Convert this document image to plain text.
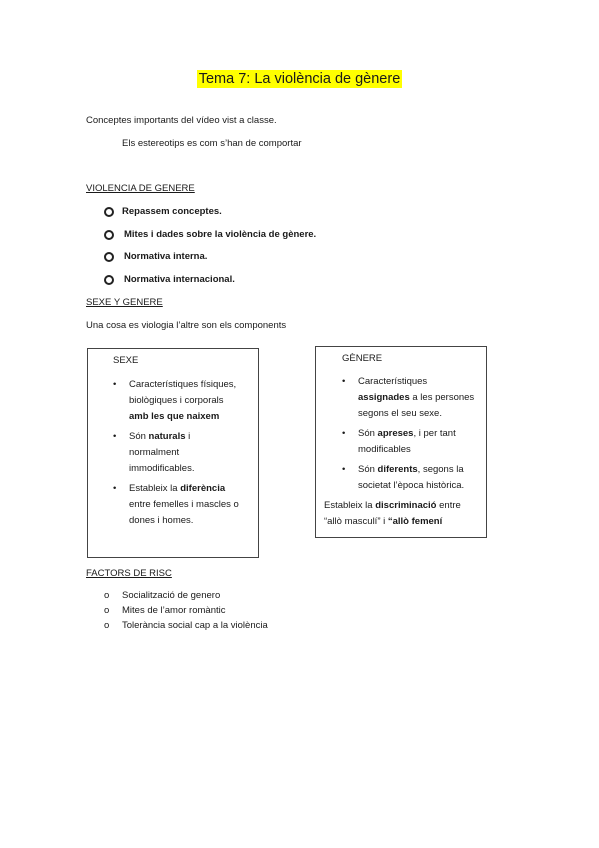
Tema 7: La violència de gènere
Conceptes importants del vídeo vist a classe.
Els estereotips es com s’han de comportar
VIOLENCIA DE GENERE
Repassem conceptes.
Mites i dades sobre la violència de gènere.
Normativa interna.
Normativa internacional.
SEXE Y GENERE
Una cosa es viologia l’altre son els components
SEXE
• Característiques físiques,
biològiques i corporals
amb les que naixem
• Són naturals i
normalment
immodificables.
• Estableix la diferència
entre femelles i mascles o
dones i homes.
GÈNERE
• Característiques
assignades a les persones
segons el seu sexe.
• Són apreses, i per tant
modificables
• Són diferents, segons la
societat l’època històrica.
Estableix la discriminació entre
“allò masculí” i “allò femení
FACTORS DE RISC
o Socialització de genero
o Mites de l’amor romàntic
o Tolerància social cap a la violència
